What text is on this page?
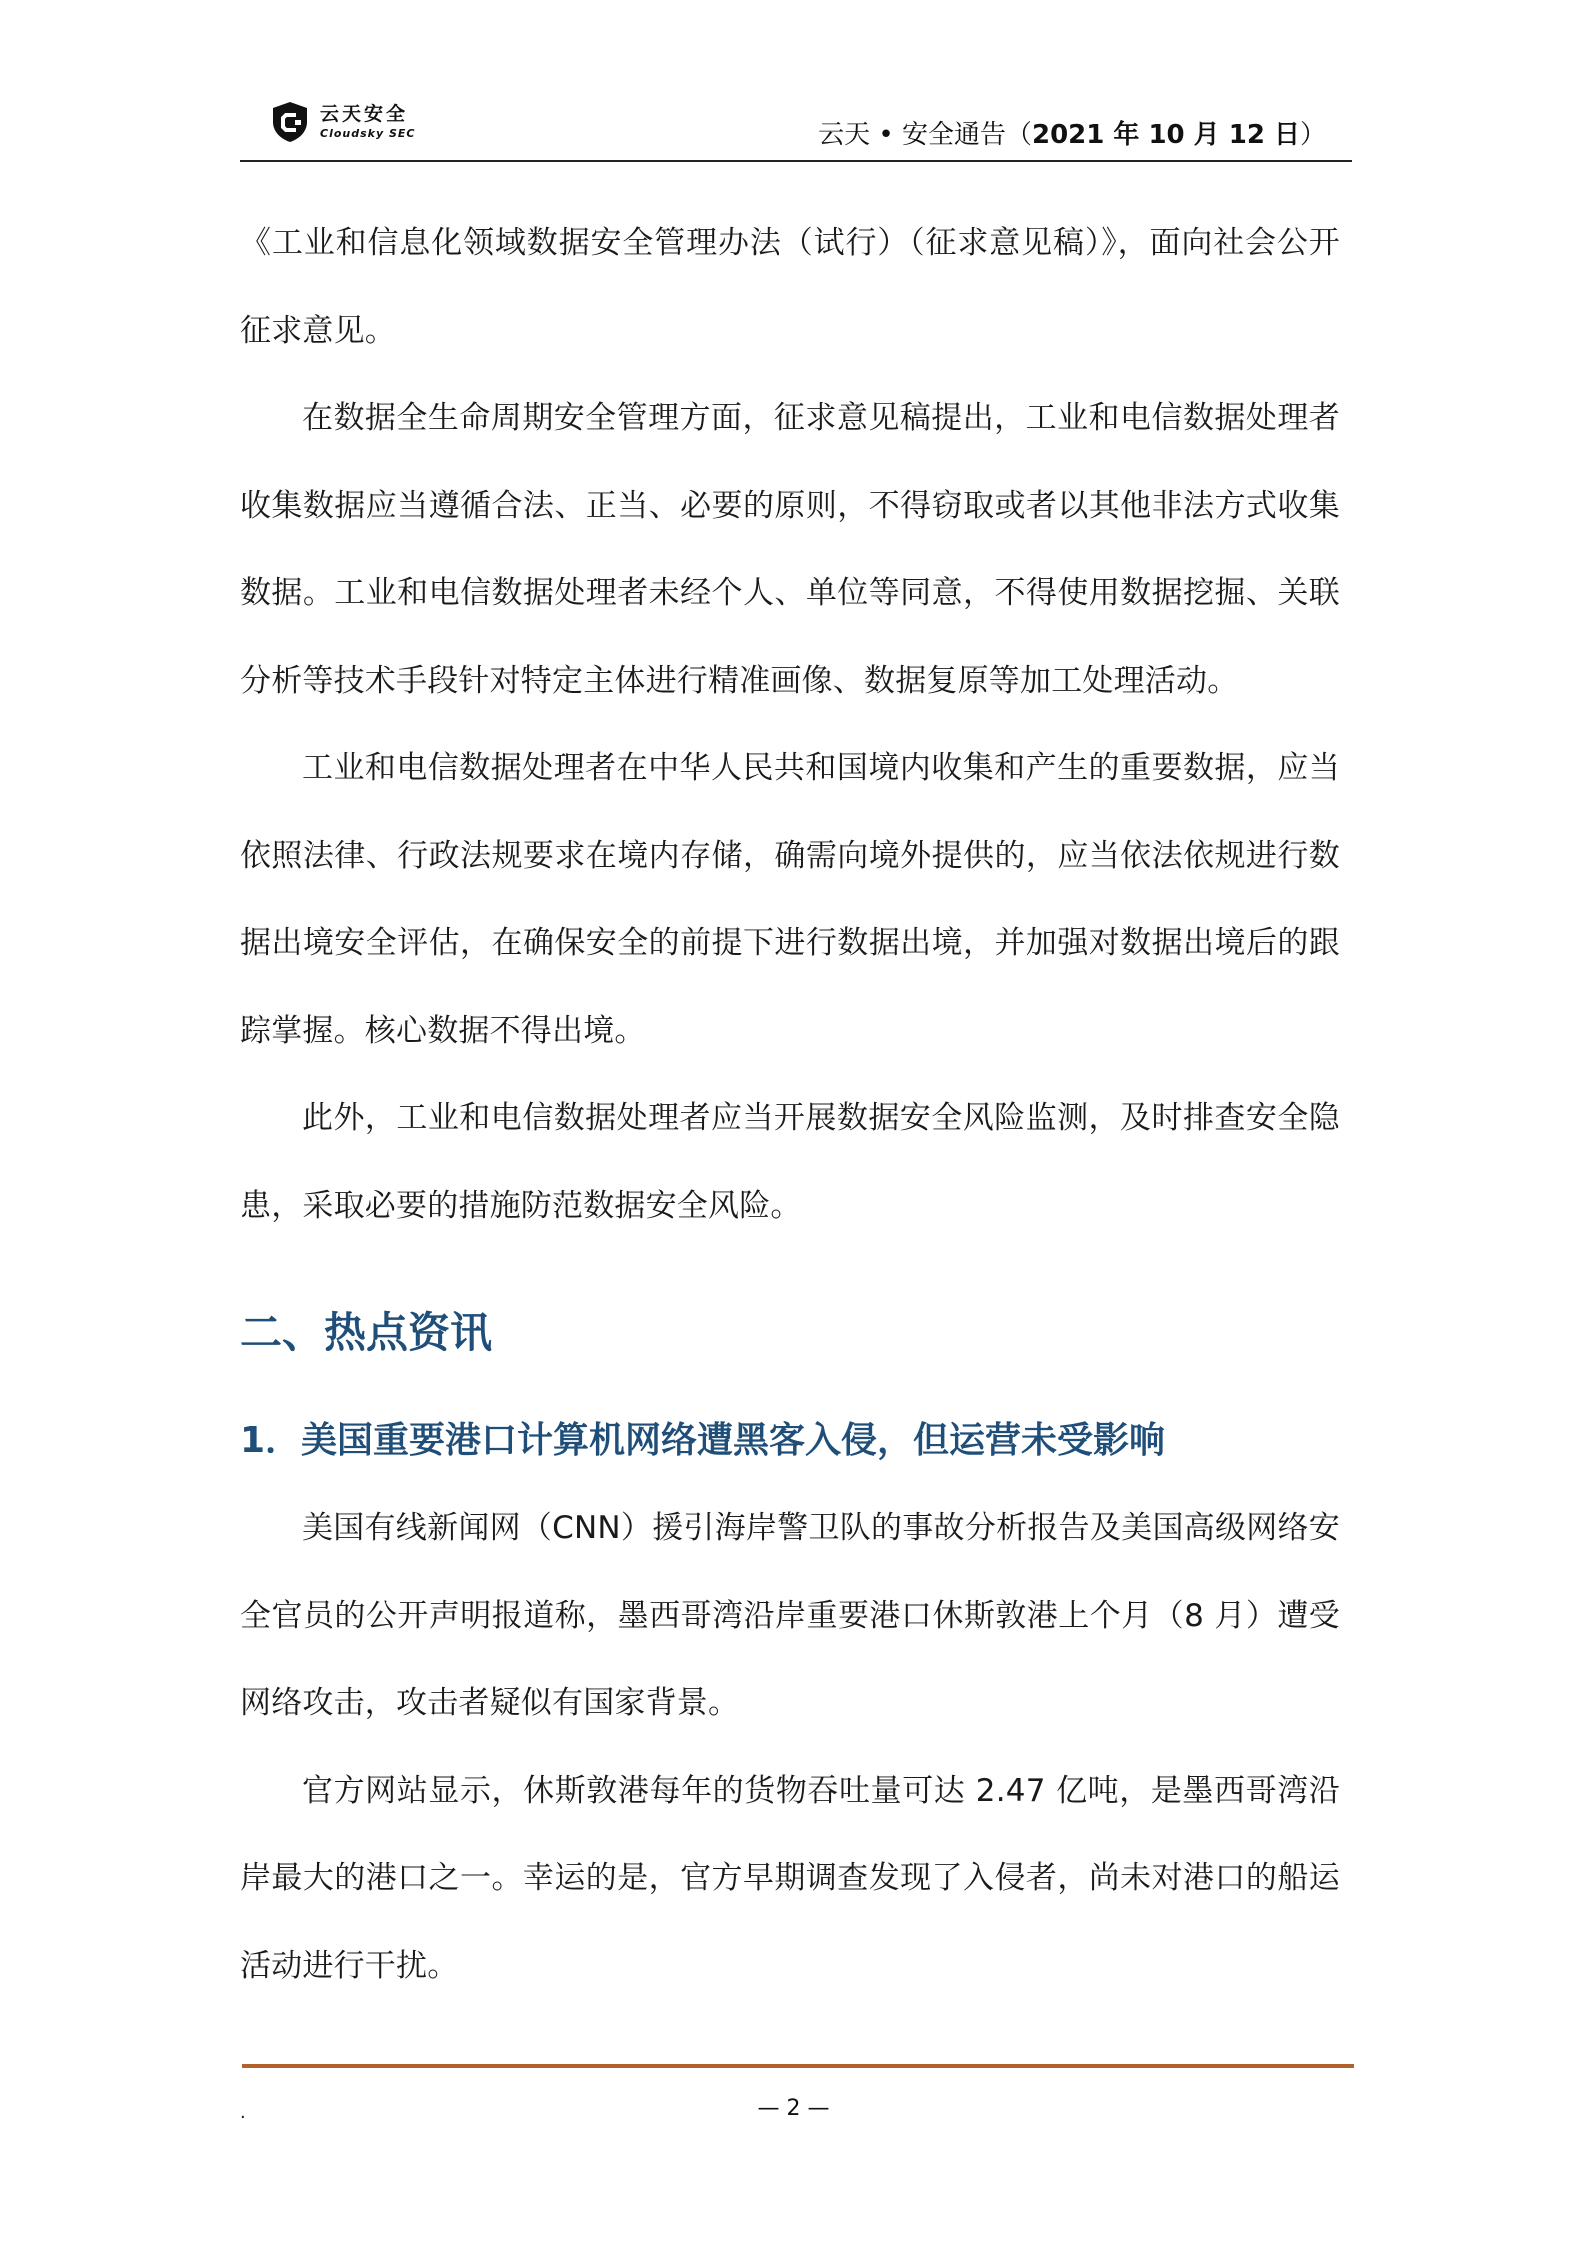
云天安全
Cloudsky SEC	云天 • 安全通告（2021 年 10 月 12 日）

《工业和信息化领域数据安全管理办法（试行）（征求意见稿）》，面向社会公开征求意见。

在数据全生命周期安全管理方面，征求意见稿提出，工业和电信数据处理者收集数据应当遵循合法、正当、必要的原则，不得窃取或者以其他非法方式收集数据。工业和电信数据处理者未经个人、单位等同意，不得使用数据挖掘、关联分析等技术手段针对特定主体进行精准画像、数据复原等加工处理活动。

工业和电信数据处理者在中华人民共和国境内收集和产生的重要数据，应当依照法律、行政法规要求在境内存储，确需向境外提供的，应当依法依规进行数据出境安全评估，在确保安全的前提下进行数据出境，并加强对数据出境后的跟踪掌握。核心数据不得出境。

此外，工业和电信数据处理者应当开展数据安全风险监测，及时排查安全隐患，采取必要的措施防范数据安全风险。

二、热点资讯
1．美国重要港口计算机网络遭黑客入侵，但运营未受影响

美国有线新闻网（CNN）援引海岸警卫队的事故分析报告及美国高级网络安全官员的公开声明报道称，墨西哥湾沿岸重要港口休斯敦港上个月（8 月）遭受网络攻击，攻击者疑似有国家背景。

官方网站显示，休斯敦港每年的货物吞吐量可达 2.47 亿吨，是墨西哥湾沿岸最大的港口之一。幸运的是，官方早期调查发现了入侵者，尚未对港口的船运活动进行干扰。

.	— 2 —
